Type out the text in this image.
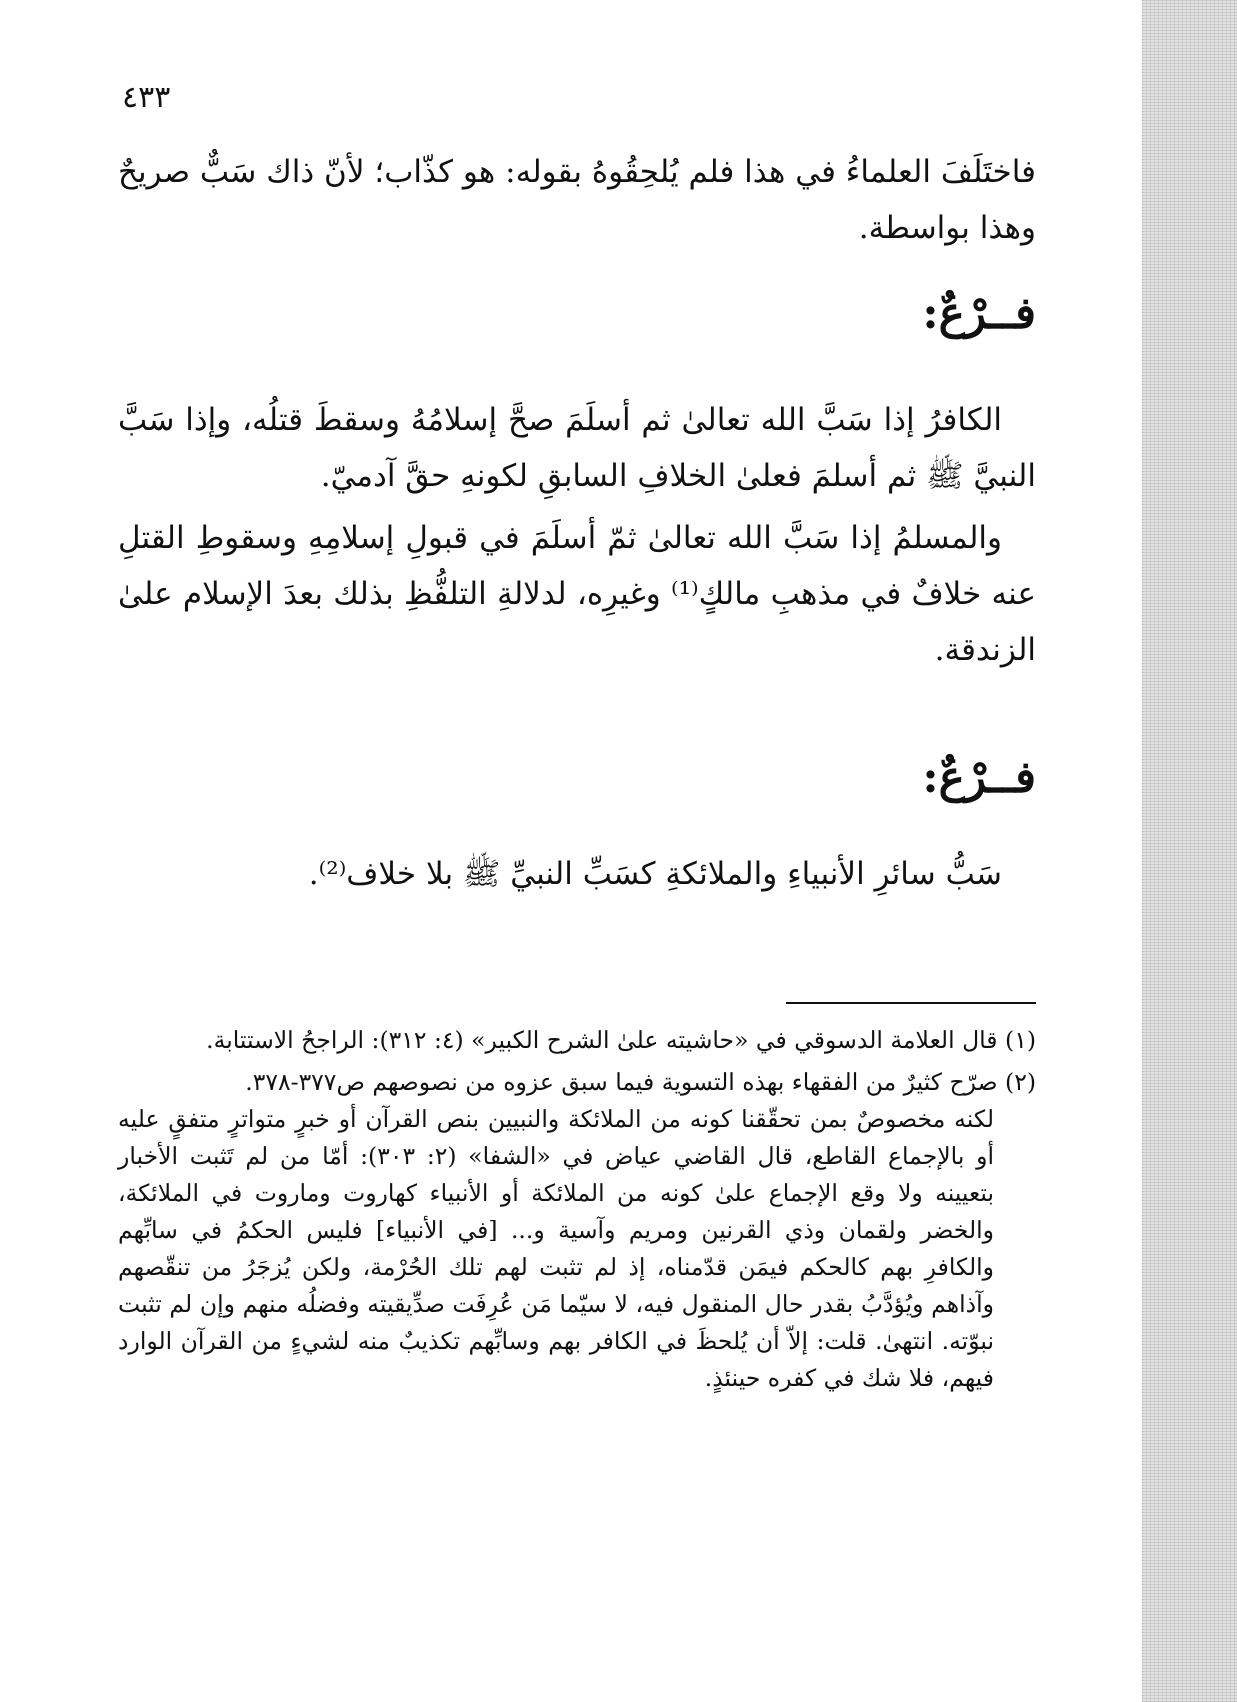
٤٣٣

فاختَلَفَ العلماءُ في هذا فلم يُلحِقُوهُ بقوله: هو كذّاب؛ لأنّ ذاك سَبٌّ صريحٌ وهذا بواسطة.

فــرْعٌ:

الكافرُ إذا سَبَّ الله تعالىٰ ثم أسلَمَ صحَّ إسلامُهُ وسقطَ قتلُه، وإذا سَبَّ النبيَّ ﷺ ثم أسلمَ فعلىٰ الخلافِ السابقِ لكونهِ حقَّ آدميّ.

والمسلمُ إذا سَبَّ الله تعالىٰ ثمّ أسلَمَ في قبولِ إسلامِهِ وسقوطِ القتلِ عنه خلافٌ في مذهبِ مالكٍ⁽¹⁾ وغيرِه، لدلالةِ التلفُّظِ بذلك بعدَ الإسلام علىٰ الزندقة.

فــرْعٌ:

سَبُّ سائرِ الأنبياءِ والملائكةِ كسَبِّ النبيِّ ﷺ بلا خلاف⁽²⁾.
(١) قال العلامة الدسوقي في «حاشيته علىٰ الشرح الكبير» (٤: ٣١٢): الراجحُ الاستتابة.
(٢) صرّح كثيرٌ من الفقهاء بهذه التسوية فيما سبق عزوه من نصوصهم ص٣٧٧-٣٧٨.

لكنه مخصوصٌ بمن تحقّقنا كونه من الملائكة والنبيين بنص القرآن أو خبرٍ متواترٍ متفقٍ عليه أو بالإجماع القاطع، قال القاضي عياض في «الشفا» (٢: ٣٠٣): أمّا من لم تَثبت الأخبار بتعيينه ولا وقع الإجماع علىٰ كونه من الملائكة أو الأنبياء كهاروت وماروت في الملائكة، والخضر ولقمان وذي القرنين ومريم وآسية و... [في الأنبياء] فليس الحكمُ في سابِّهم والكافرِ بهم كالحكم فيمَن قدّمناه، إذ لم تثبت لهم تلك الحُرْمة، ولكن يُزجَرُ من تنقّصهم وآذاهم ويُؤدَّبُ بقدر حال المنقول فيه، لا سيّما مَن عُرِفَت صدِّيقيته وفضلُه منهم وإن لم تثبت نبوّته. انتهىٰ. قلت: إلاّ أن يُلحظَ في الكافر بهم وسابِّهم تكذيبٌ منه لشيءٍ من القرآن الوارد فيهم، فلا شك في كفره حينئذٍ.
